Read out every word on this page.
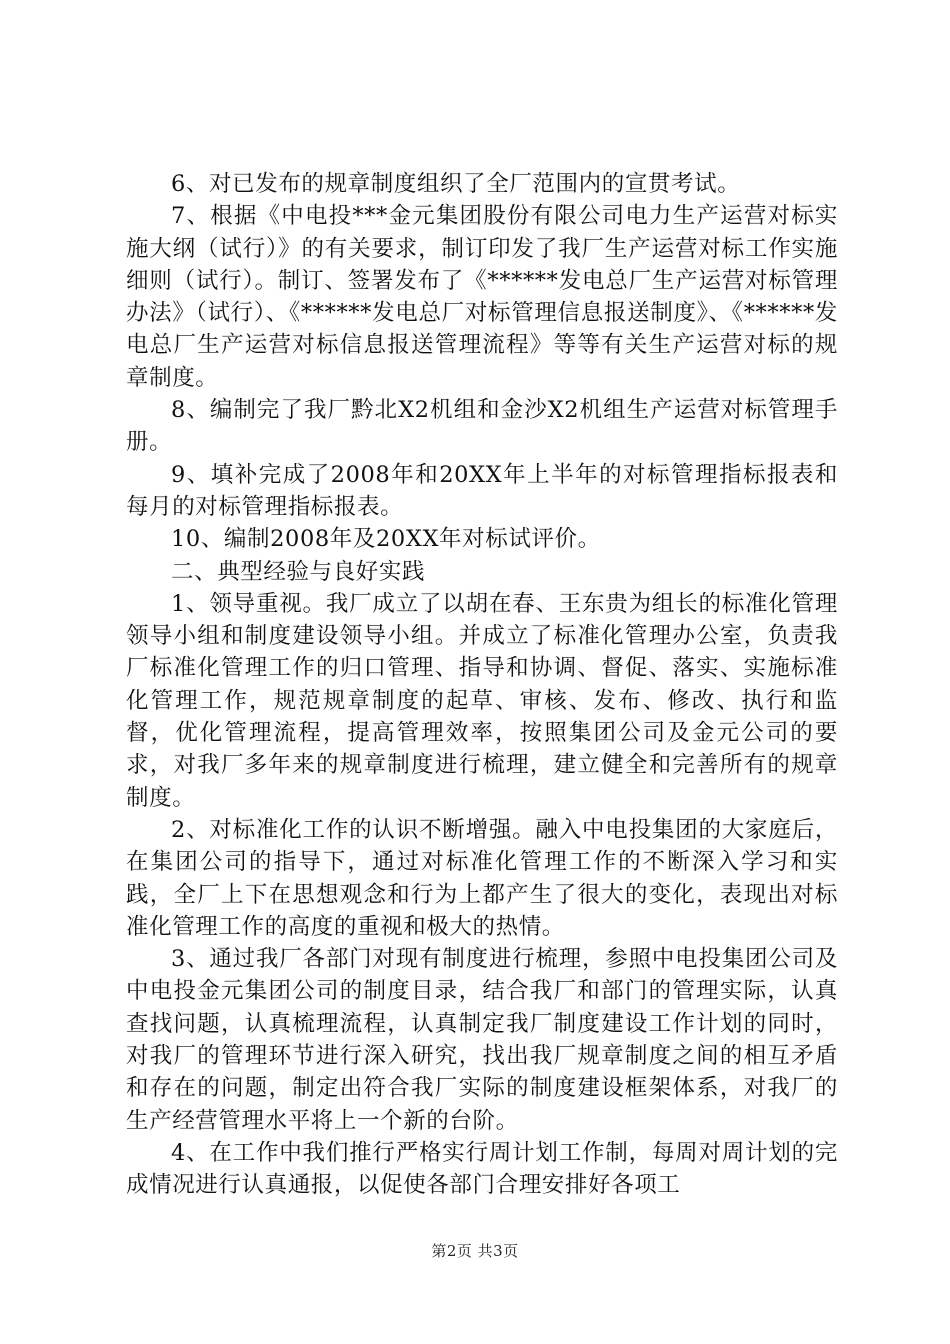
6、对已发布的规章制度组织了全厂范围内的宣贯考试。

7、根据《中电投***金元集团股份有限公司电力生产运营对标实施大纲（试行）》的有关要求，制订印发了我厂生产运营对标工作实施细则（试行）。制订、签署发布了《******发电总厂生产运营对标管理办法》（试行）、《******发电总厂对标管理信息报送制度》、《******发电总厂生产运营对标信息报送管理流程》等等有关生产运营对标的规章制度。

8、编制完了我厂黔北X2机组和金沙X2机组生产运营对标管理手册。

9、填补完成了2008年和20XX年上半年的对标管理指标报表和每月的对标管理指标报表。

10、编制2008年及20XX年对标试评价。

二、典型经验与良好实践

1、领导重视。我厂成立了以胡在春、王东贵为组长的标准化管理领导小组和制度建设领导小组。并成立了标准化管理办公室，负责我厂标准化管理工作的归口管理、指导和协调、督促、落实、实施标准化管理工作，规范规章制度的起草、审核、发布、修改、执行和监督，优化管理流程，提高管理效率，按照集团公司及金元公司的要求，对我厂多年来的规章制度进行梳理，建立健全和完善所有的规章制度。

2、对标准化工作的认识不断增强。融入中电投集团的大家庭后，在集团公司的指导下，通过对标准化管理工作的不断深入学习和实践，全厂上下在思想观念和行为上都产生了很大的变化，表现出对标准化管理工作的高度的重视和极大的热情。

3、通过我厂各部门对现有制度进行梳理，参照中电投集团公司及中电投金元集团公司的制度目录，结合我厂和部门的管理实际，认真查找问题，认真梳理流程，认真制定我厂制度建设工作计划的同时，对我厂的管理环节进行深入研究，找出我厂规章制度之间的相互矛盾和存在的问题，制定出符合我厂实际的制度建设框架体系，对我厂的生产经营管理水平将上一个新的台阶。

4、在工作中我们推行严格实行周计划工作制，每周对周计划的完成情况进行认真通报，以促使各部门合理安排好各项工

第2页 共3页
